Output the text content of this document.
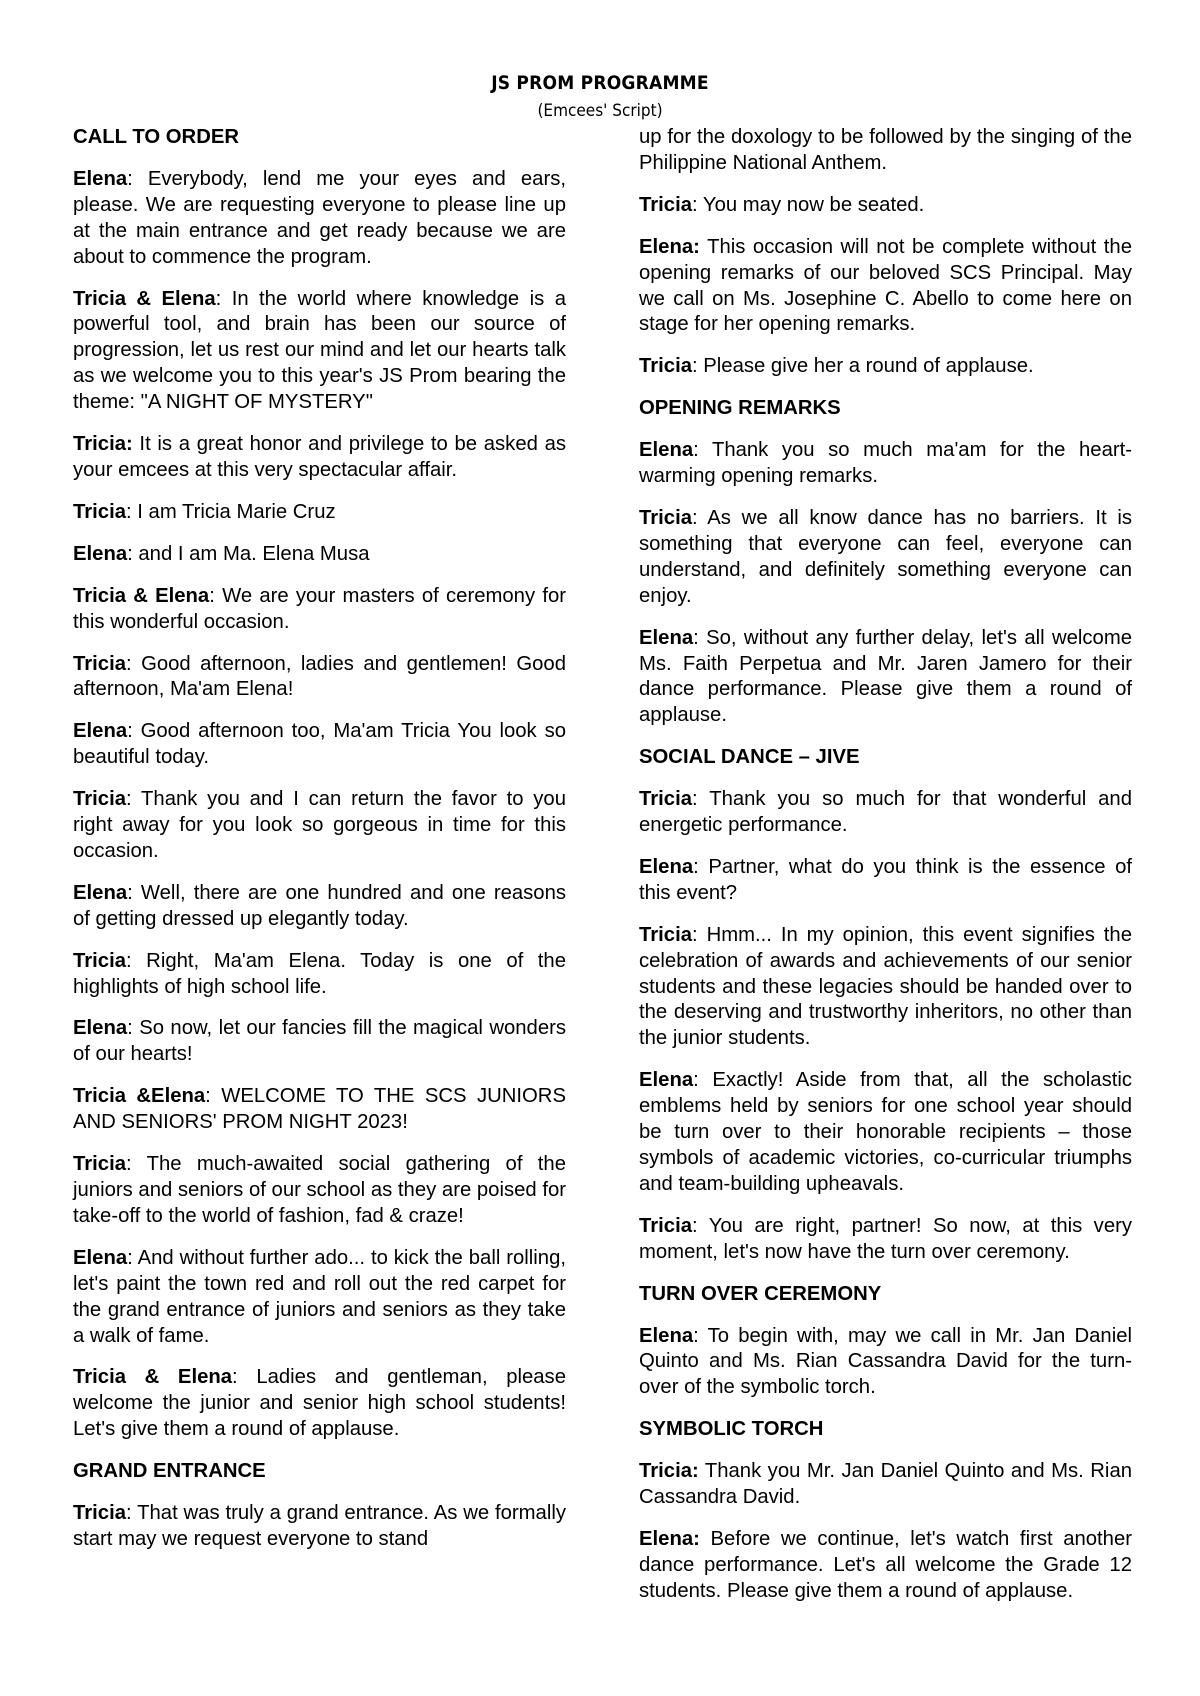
JS PROM PROGRAMME
(Emcees' Script)

CALL TO ORDER

Elena: Everybody, lend me your eyes and ears, please. We are requesting everyone to please line up at the main entrance and get ready because we are about to commence the program.

Tricia & Elena: In the world where knowledge is a powerful tool, and brain has been our source of progression, let us rest our mind and let our hearts talk as we welcome you to this year's JS Prom bearing the theme: "A NIGHT OF MYSTERY"

Tricia: It is a great honor and privilege to be asked as your emcees at this very spectacular affair.

Tricia: I am Tricia Marie Cruz

Elena: and I am Ma. Elena Musa

Tricia & Elena: We are your masters of ceremony for this wonderful occasion.

Tricia: Good afternoon, ladies and gentlemen! Good afternoon, Ma'am Elena!

Elena: Good afternoon too, Ma'am Tricia You look so beautiful today.

Tricia: Thank you and I can return the favor to you right away for you look so gorgeous in time for this occasion.

Elena: Well, there are one hundred and one reasons of getting dressed up elegantly today.

Tricia: Right, Ma'am Elena. Today is one of the highlights of high school life.

Elena: So now, let our fancies fill the magical wonders of our hearts!

Tricia &Elena: WELCOME TO THE SCS JUNIORS AND SENIORS' PROM NIGHT 2023!

Tricia: The much-awaited social gathering of the juniors and seniors of our school as they are poised for take-off to the world of fashion, fad & craze!

Elena: And without further ado... to kick the ball rolling, let's paint the town red and roll out the red carpet for the grand entrance of juniors and seniors as they take a walk of fame.

Tricia & Elena: Ladies and gentleman, please welcome the junior and senior high school students! Let's give them a round of applause.

GRAND ENTRANCE

Tricia: That was truly a grand entrance. As we formally start may we request everyone to stand

up for the doxology to be followed by the singing of the Philippine National Anthem.

Tricia: You may now be seated.

Elena: This occasion will not be complete without the opening remarks of our beloved SCS Principal. May we call on Ms. Josephine C. Abello to come here on stage for her opening remarks.

Tricia: Please give her a round of applause.

OPENING REMARKS

Elena: Thank you so much ma'am for the heart-warming opening remarks.

Tricia: As we all know dance has no barriers. It is something that everyone can feel, everyone can understand, and definitely something everyone can enjoy.

Elena: So, without any further delay, let's all welcome Ms. Faith Perpetua and Mr. Jaren Jamero for their dance performance. Please give them a round of applause.

SOCIAL DANCE – JIVE

Tricia: Thank you so much for that wonderful and energetic performance.

Elena: Partner, what do you think is the essence of this event?

Tricia: Hmm... In my opinion, this event signifies the celebration of awards and achievements of our senior students and these legacies should be handed over to the deserving and trustworthy inheritors, no other than the junior students.

Elena: Exactly! Aside from that, all the scholastic emblems held by seniors for one school year should be turn over to their honorable recipients – those symbols of academic victories, co-curricular triumphs and team-building upheavals.

Tricia: You are right, partner! So now, at this very moment, let's now have the turn over ceremony.

TURN OVER CEREMONY

Elena: To begin with, may we call in Mr. Jan Daniel Quinto and Ms. Rian Cassandra David for the turn-over of the symbolic torch.

SYMBOLIC TORCH

Tricia: Thank you Mr. Jan Daniel Quinto and Ms. Rian Cassandra David.

Elena: Before we continue, let's watch first another dance performance. Let's all welcome the Grade 12 students. Please give them a round of applause.
